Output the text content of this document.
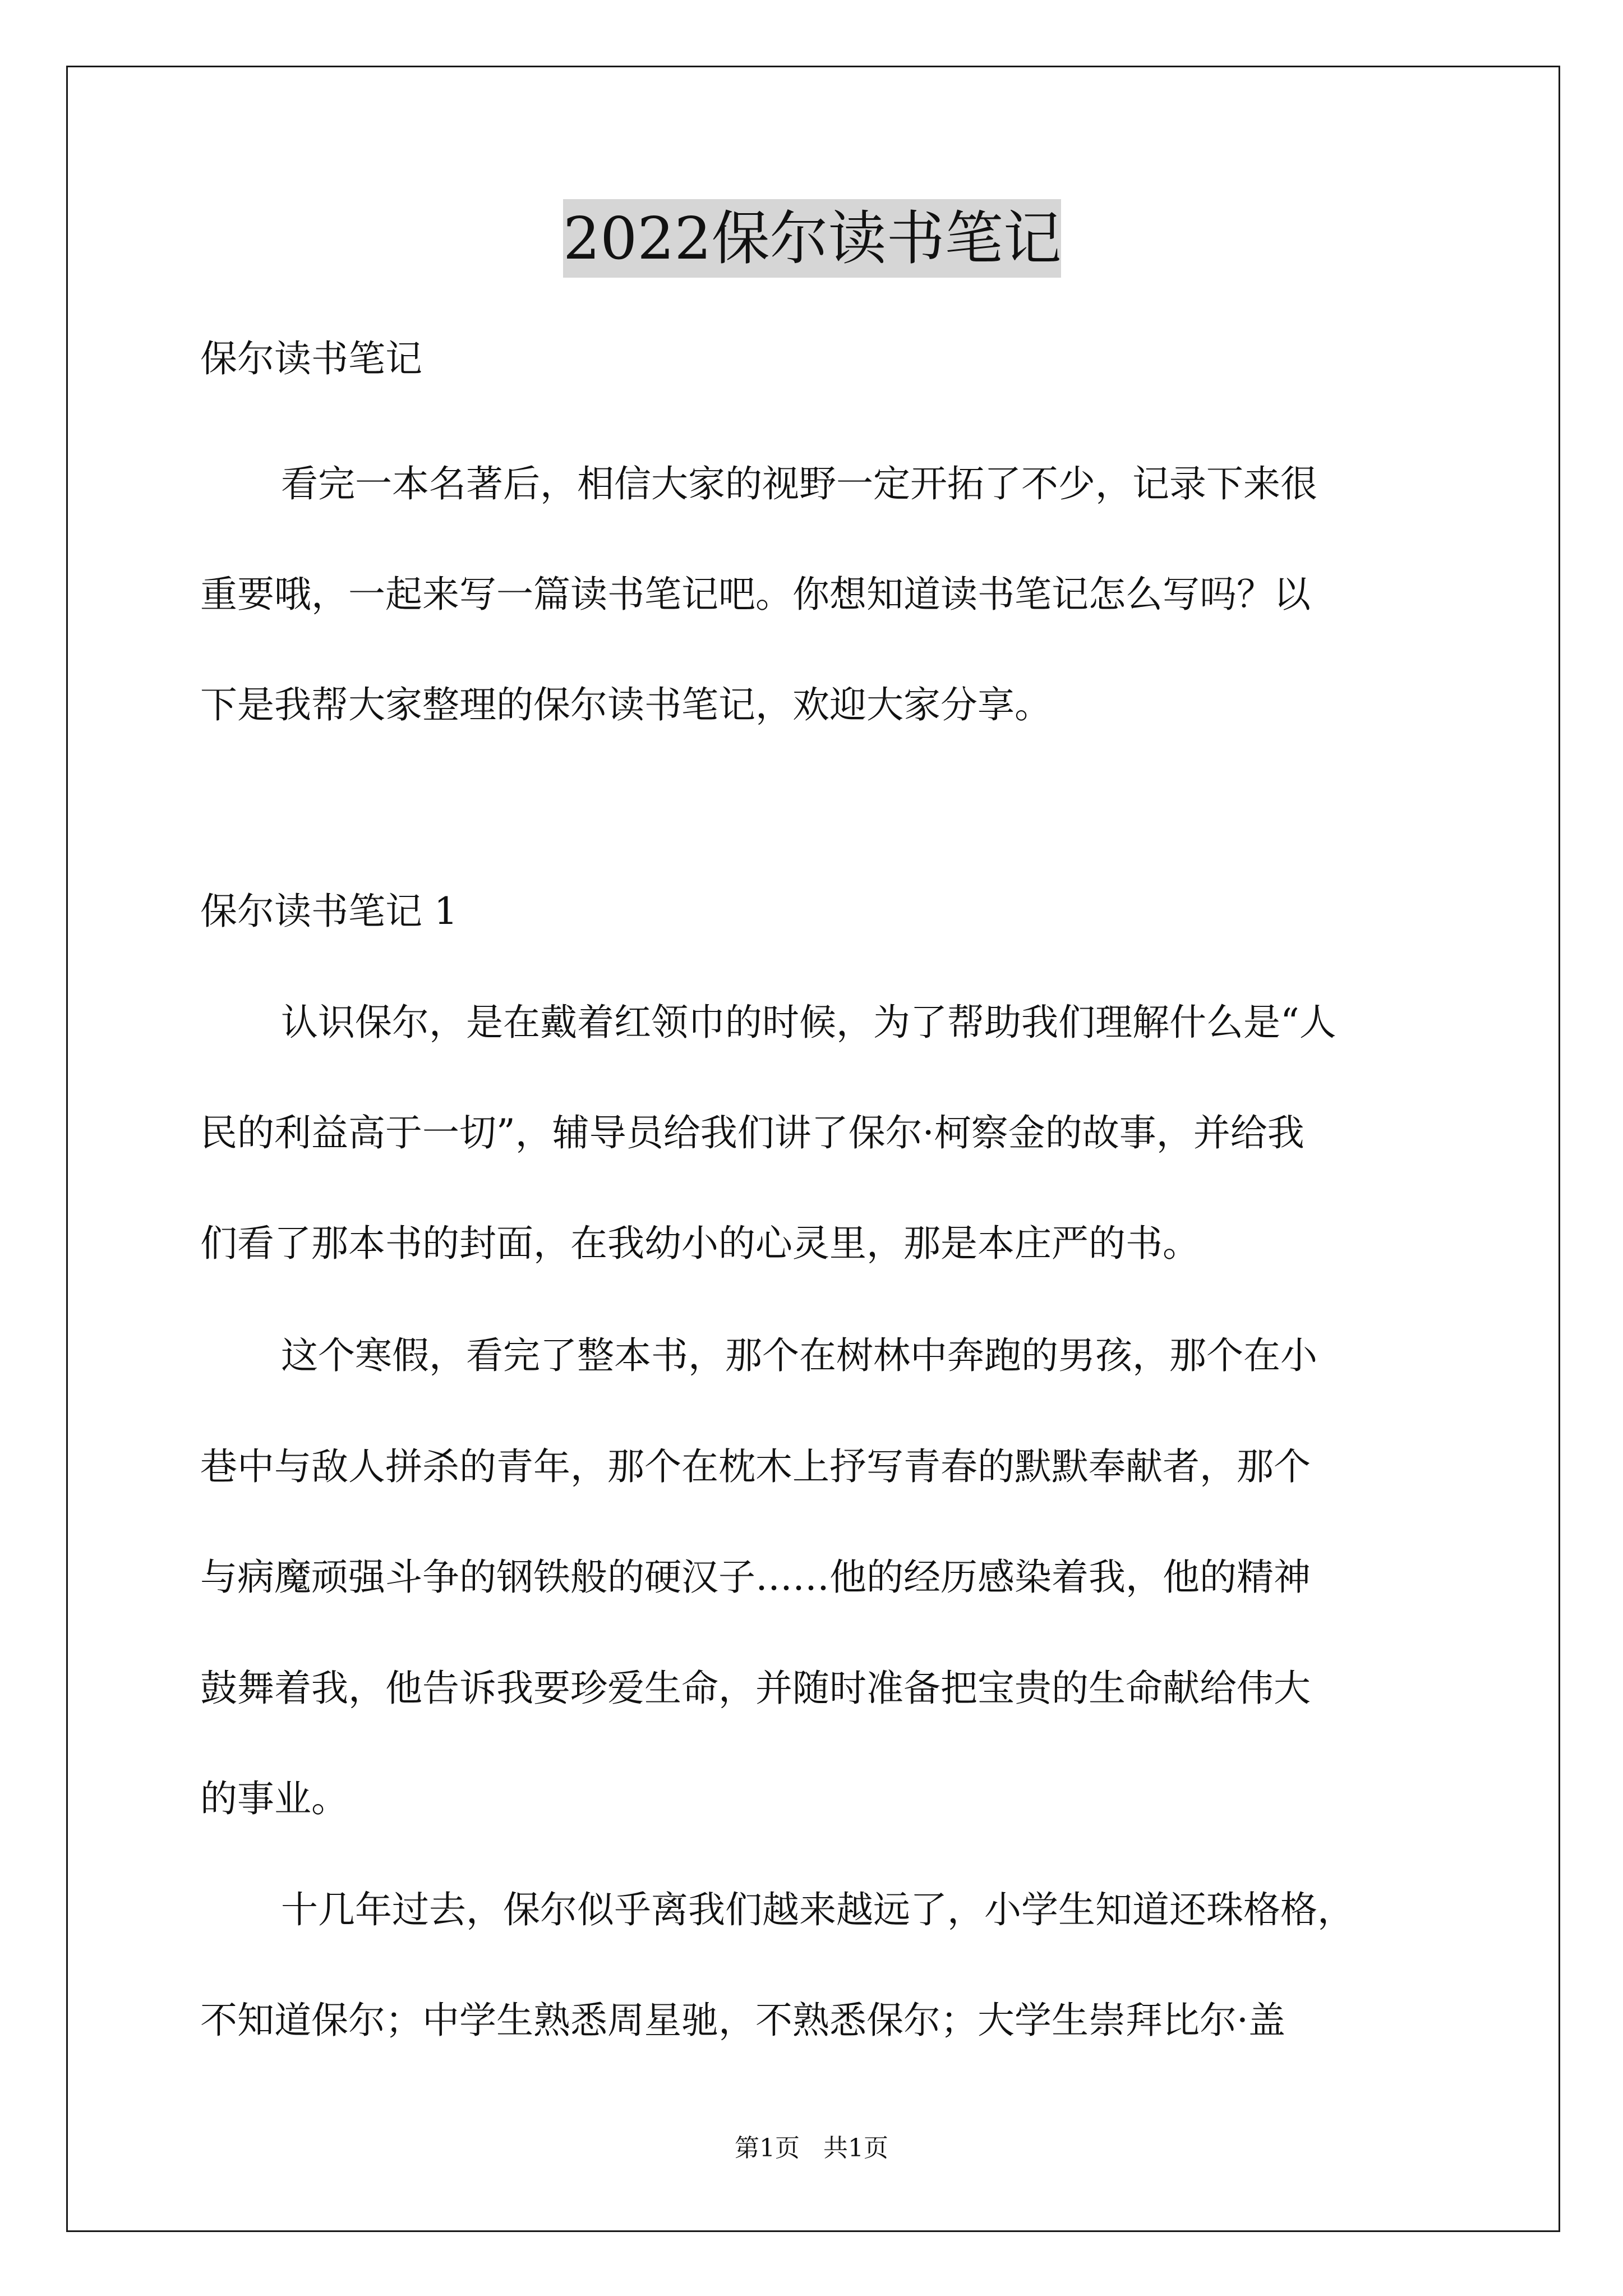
2022保尔读书笔记

保尔读书笔记

看完一本名著后，相信大家的视野一定开拓了不少，记录下来很

重要哦，一起来写一篇读书笔记吧。你想知道读书笔记怎么写吗？以

下是我帮大家整理的保尔读书笔记，欢迎大家分享。

保尔读书笔记 1

认识保尔，是在戴着红领巾的时候，为了帮助我们理解什么是“人

民的利益高于一切”，辅导员给我们讲了保尔·柯察金的故事，并给我

们看了那本书的封面，在我幼小的心灵里，那是本庄严的书。

这个寒假，看完了整本书，那个在树林中奔跑的男孩，那个在小

巷中与敌人拼杀的青年，那个在枕木上抒写青春的默默奉献者，那个

与病魔顽强斗争的钢铁般的硬汉子……他的经历感染着我，他的精神

鼓舞着我，他告诉我要珍爱生命，并随时准备把宝贵的生命献给伟大

的事业。

十几年过去，保尔似乎离我们越来越远了，小学生知道还珠格格，

不知道保尔；中学生熟悉周星驰，不熟悉保尔；大学生崇拜比尔·盖

第1页   共1页
